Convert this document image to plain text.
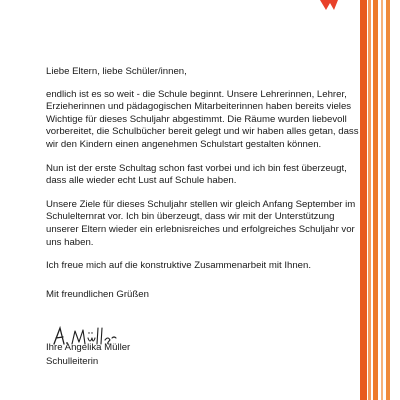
Liebe Eltern, liebe Schüler/innen,

endlich ist es so weit - die Schule beginnt. Unsere Lehrerinnen, Lehrer, Erzieherinnen und pädagogischen Mitarbeiterinnen haben bereits vieles Wichtige für dieses Schuljahr abgestimmt. Die Räume wurden liebevoll vorbereitet, die Schulbücher bereit gelegt und wir haben alles getan, dass wir den Kindern einen angenehmen Schulstart gestalten können.

Nun ist der erste Schultag schon fast vorbei und ich bin fest überzeugt, dass alle wieder echt Lust auf Schule haben.

Unsere Ziele für dieses Schuljahr stellen wir gleich Anfang September im Schulelternrat vor. Ich bin überzeugt, dass wir mit der Unterstützung unserer Eltern wieder ein erlebnisreiches und erfolgreiches Schuljahr vor uns haben.

Ich freue mich auf die konstruktive Zusammenarbeit mit Ihnen.

Mit freundlichen Grüßen
Ihre Angelika Müller
Schulleiterin
